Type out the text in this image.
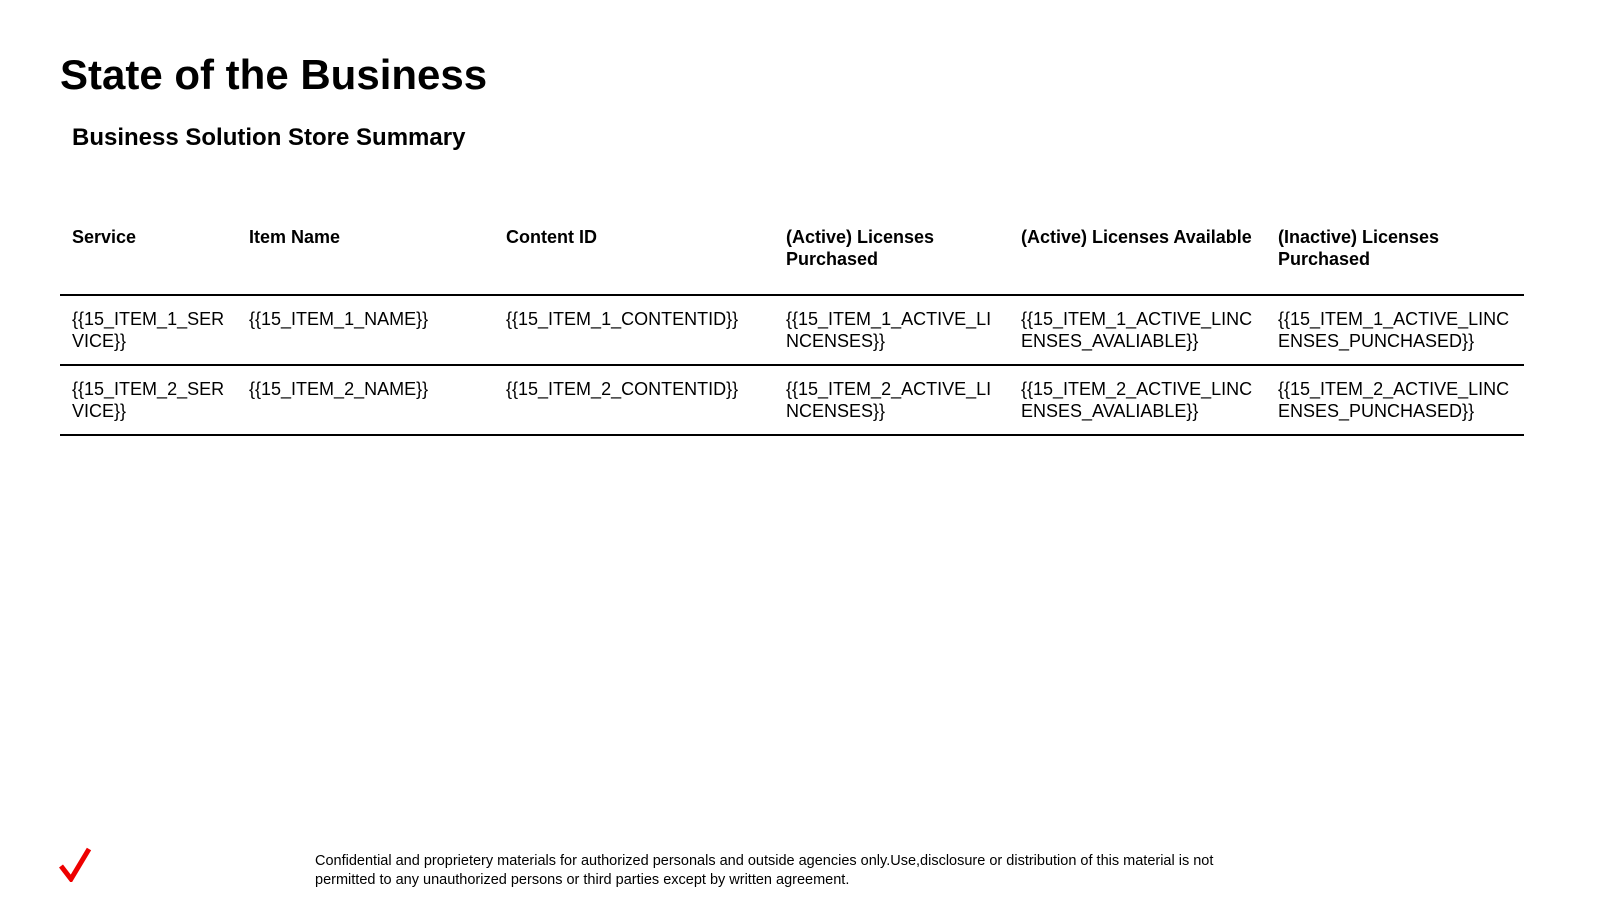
State of the Business
Business Solution Store Summary
Service	Item Name	Content ID	(Active) Licenses Purchased	(Active) Licenses Available	(Inactive) Licenses Purchased
{{15_ITEM_1_SERVICE}}	{{15_ITEM_1_NAME}}	{{15_ITEM_1_CONTENTID}}	{{15_ITEM_1_ACTIVE_LINCENSES}}	{{15_ITEM_1_ACTIVE_LINCENSES_AVALIABLE}}	{{15_ITEM_1_ACTIVE_LINCENSES_PUNCHASED}}
{{15_ITEM_2_SERVICE}}	{{15_ITEM_2_NAME}}	{{15_ITEM_2_CONTENTID}}	{{15_ITEM_2_ACTIVE_LINCENSES}}	{{15_ITEM_2_ACTIVE_LINCENSES_AVALIABLE}}	{{15_ITEM_2_ACTIVE_LINCENSES_PUNCHASED}}

Confidential and proprietery materials for authorized personals and outside agencies only.Use,disclosure or distribution of this material is not permitted to any unauthorized persons or third parties except by written agreement.
